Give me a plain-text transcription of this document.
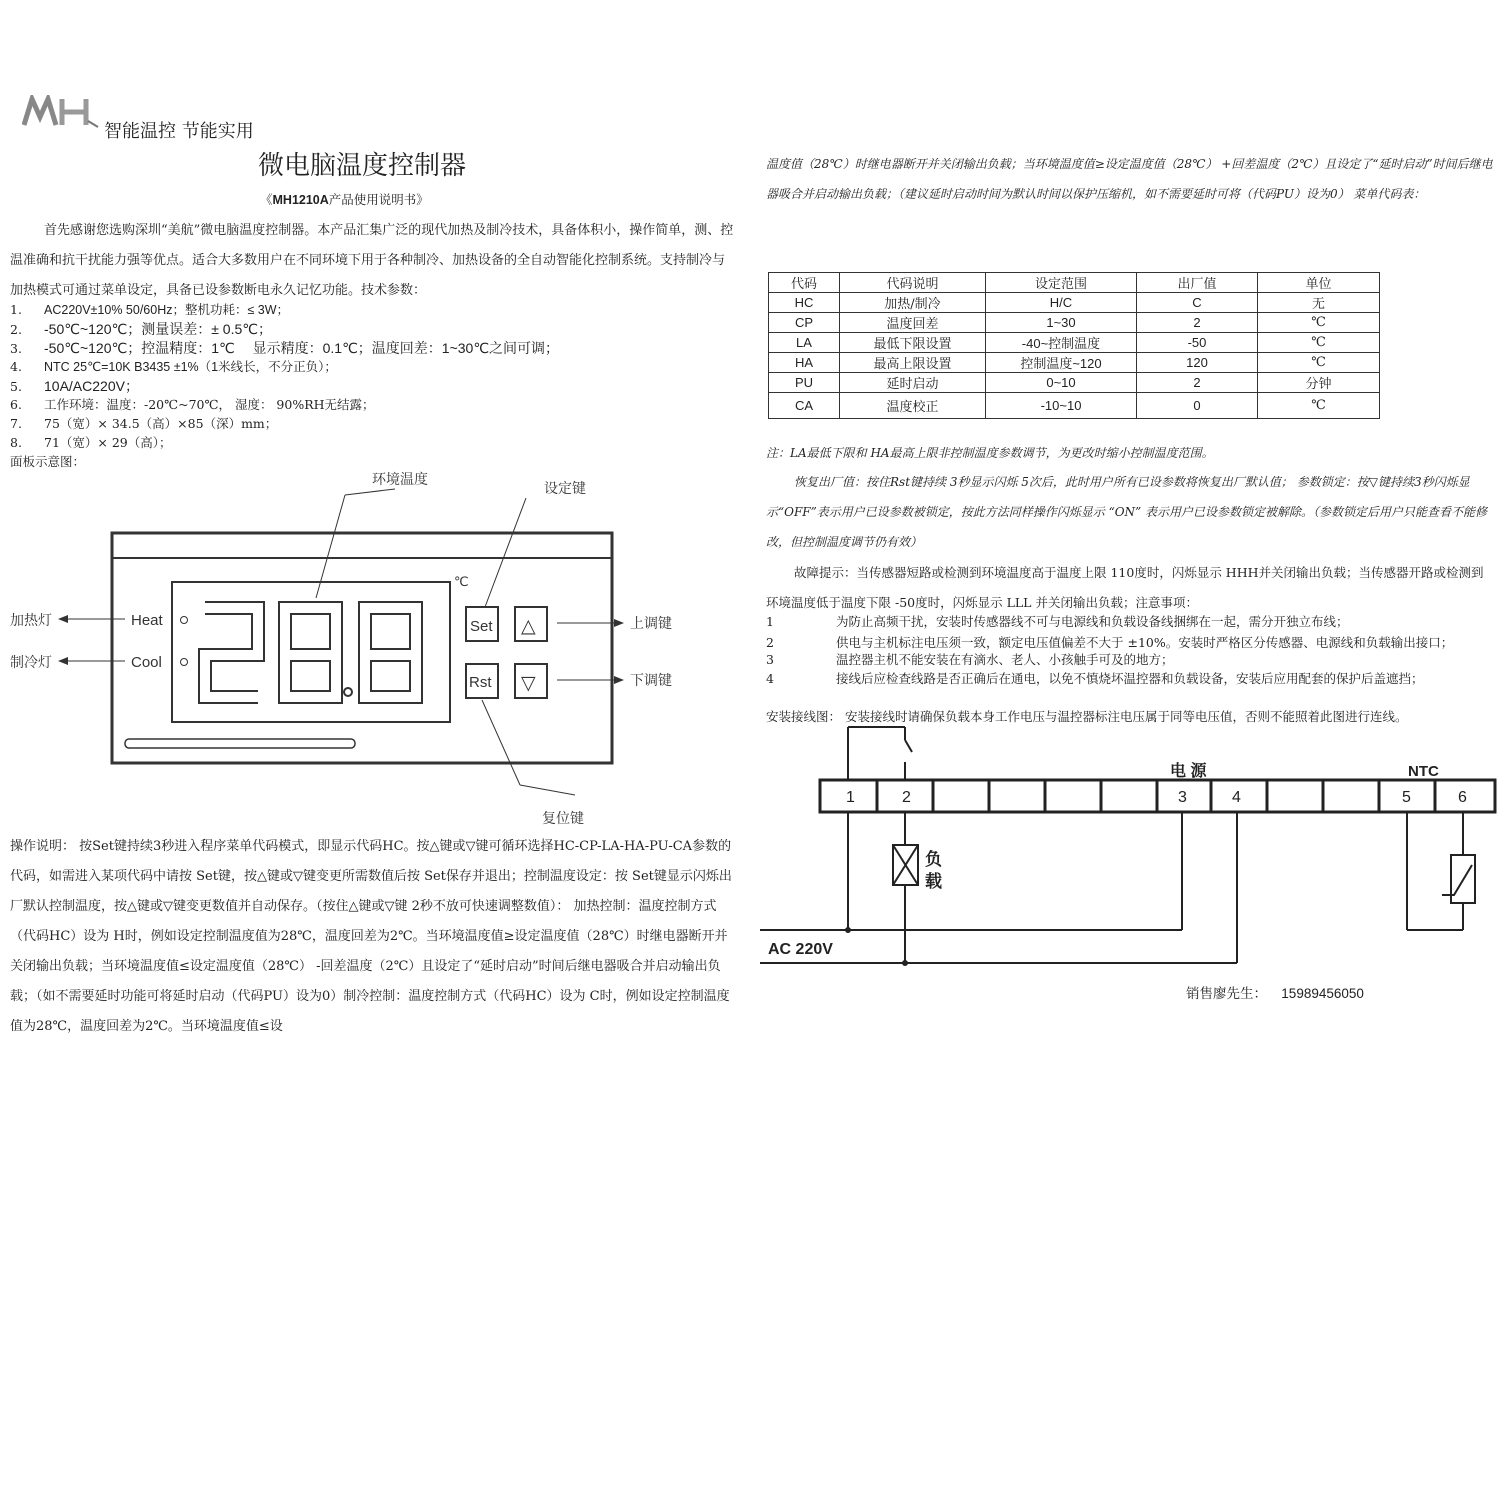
智能温控 节能实用
微电脑温度控制器
《MH1210A产品使用说明书》
首先感谢您选购深圳“美航”微电脑温度控制器。本产品汇集广泛的现代加热及制冷技术，具备体积小，操作简单，测、控温准确和抗干扰能力强等优点。适合大多数用户在不同环境下用于各种制冷、加热设备的全自动智能化控制系统。支持制冷与加热模式可通过菜单设定，具备已设参数断电永久记忆功能。技术参数：
1. AC220V±10% 50/60Hz；整机功耗：≤ 3W；
2. -50℃~120℃；测量误差：± 0.5℃；
3. -50℃~120℃；控温精度：1℃　 显示精度：0.1℃；温度回差：1~30℃之间可调；
4. NTC 25℃=10K B3435 ±1%（1米线长，不分正负）；
5. 10A/AC220V；
6. 工作环境：温度：-20℃~70℃， 湿度： 90%RH无结露；
7. 75（宽）× 34.5（高）×85（深）mm；
8. 71（宽）× 29（高）；
面板示意图：
℃
Heat
Cool
Set △
Rst ▽
环境温度
设定键
复位键
加热灯
制冷灯
上调键
下调键
操作说明： 按Set键持续3秒进入程序菜单代码模式，即显示代码HC。按△键或▽键可循环选择HC-CP-LA-HA-PU-CA参数的代码，如需进入某项代码中请按 Set键，按△键或▽键变更所需数值后按 Set保存并退出；控制温度设定：按 Set键显示闪烁出厂默认控制温度，按△键或▽键变更数值并自动保存。（按住△键或▽键 2秒不放可快速调整数值）： 加热控制：温度控制方式（代码HC）设为 H时，例如设定控制温度值为28℃，温度回差为2℃。当环境温度值≥设定温度值（28℃）时继电器断开并关闭输出负载；当环境温度值≤设定温度值（28℃） -回差温度（2℃）且设定了“延时启动”时间后继电器吸合并启动输出负载；（如不需要延时功能可将延时启动（代码PU）设为0）制冷控制：温度控制方式（代码HC）设为 C时，例如设定控制温度值为28℃，温度回差为2℃。当环境温度值≤设
温度值（28℃）时继电器断开并关闭输出负载；当环境温度值≥设定温度值（28℃） +回差温度（2℃）且设定了“延时启动”时间后继电器吸合并启动输出负载；（建议延时启动时间为默认时间以保护压缩机，如不需要延时可将（代码PU）设为0） 菜单代码表：
代码	代码说明	设定范围	出厂值	单位
HC	加热/制冷	H/C	C	无
CP	温度回差	1~30	2	℃
LA	最低下限设置	-40~控制温度	-50	℃
HA	最高上限设置	控制温度~120	120	℃
PU	延时启动	0~10	2	分钟
CA	温度校正	-10~10	0	℃
注：LA最低下限和 HA最高上限非控制温度参数调节，为更改时缩小控制温度范围。
恢复出厂值：按住Rst键持续 3秒显示闪烁 5次后，此时用户所有已设参数将恢复出厂默认值； 参数锁定：按▽键持续3秒闪烁显示“OFF”表示用户已设参数被锁定，按此方法同样操作闪烁显示 “ON” 表示用户已设参数锁定被解除。（参数锁定后用户只能查看不能修改，但控制温度调节仍有效）
故障提示：当传感器短路或检测到环境温度高于温度上限 110度时，闪烁显示 HHH并关闭输出负载；当传感器开路或检测到环境温度低于温度下限 -50度时，闪烁显示 LLL 并关闭输出负载；注意事项：
1	为防止高频干扰，安装时传感器线不可与电源线和负载设备线捆绑在一起，需分开独立布线；
2	供电与主机标注电压须一致，额定电压值偏差不大于 ±10%。安装时严格区分传感器、电源线和负载输出接口；
3	温控器主机不能安装在有滴水、老人、小孩触手可及的地方；
4	接线后应检查线路是否正确后在通电，以免不慎烧坏温控器和负载设备，安装后应用配套的保护后盖遮挡；
安装接线图： 安装接线时请确保负载本身工作电压与温控器标注电压属于同等电压值，否则不能照着此图进行连线。
1	2	3	4	5	6
电 源	NTC
负
载
AC 220V
销售廖先生： 15989456050
